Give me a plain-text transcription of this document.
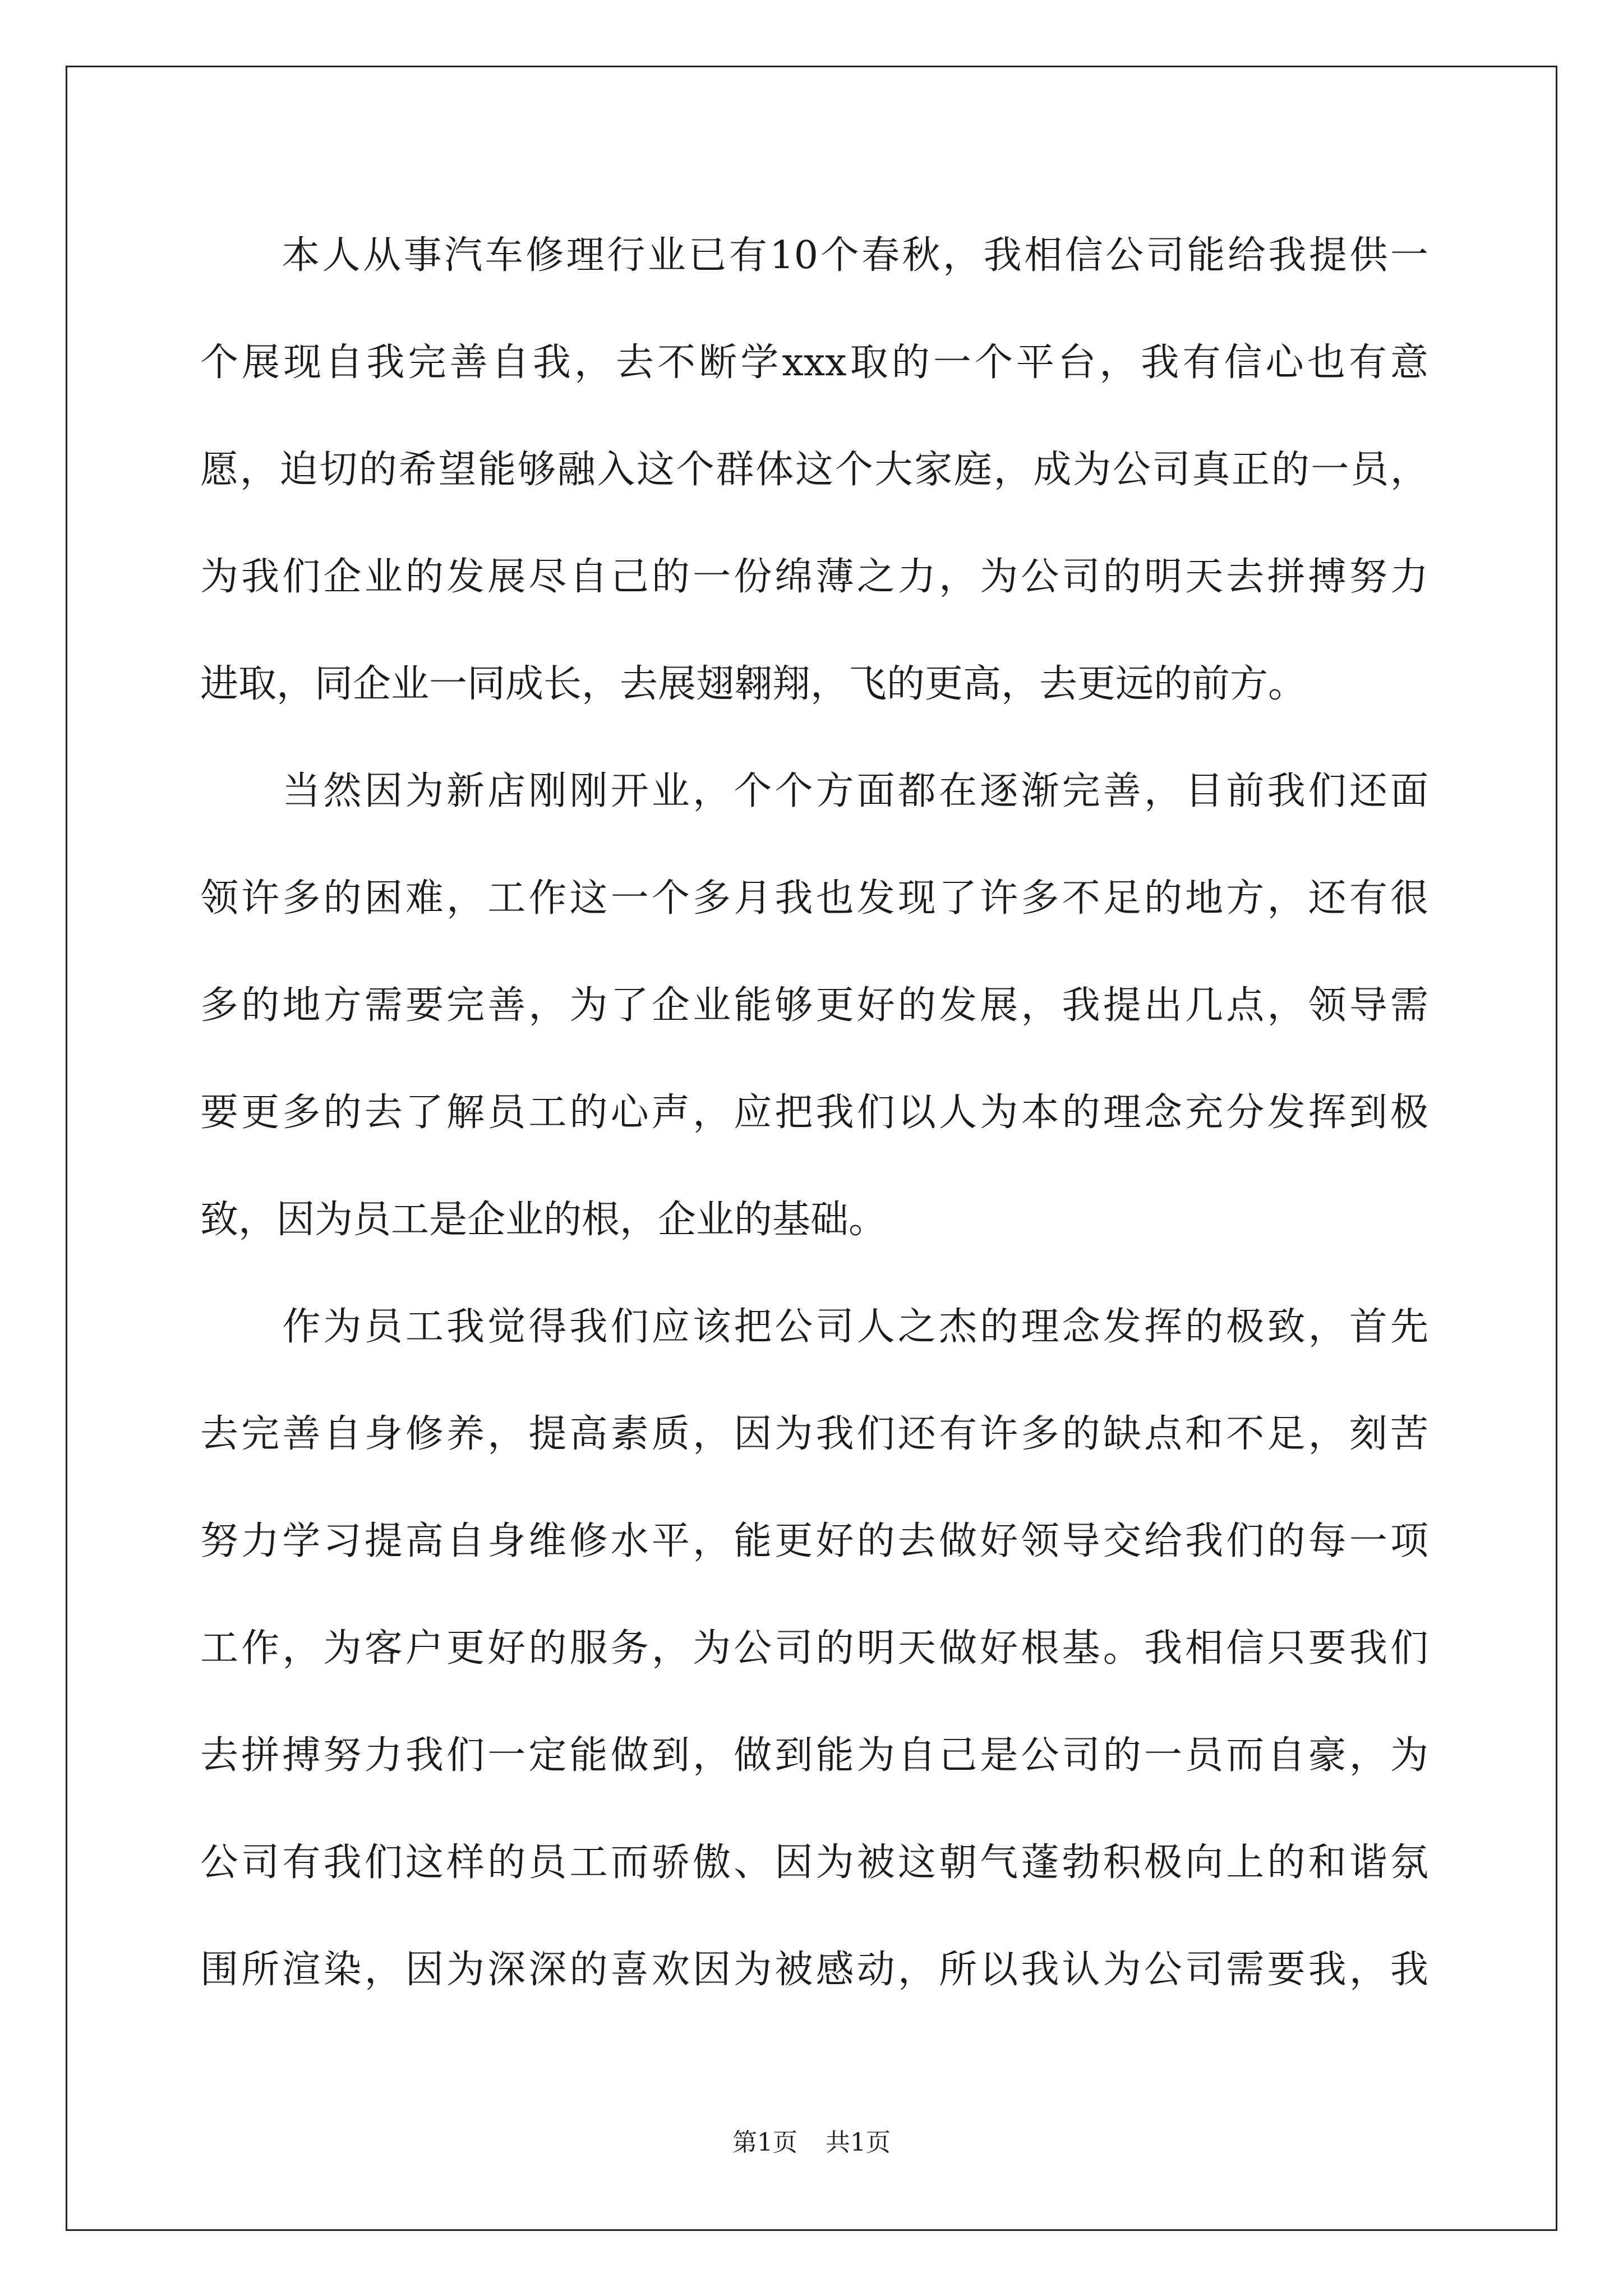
　　本人从事汽车修理行业已有10个春秋，我相信公司能给我提供一
个展现自我完善自我，去不断学xxx取的一个平台，我有信心也有意
愿，迫切的希望能够融入这个群体这个大家庭，成为公司真正的一员，
为我们企业的发展尽自己的一份绵薄之力，为公司的明天去拼搏努力
进取，同企业一同成长，去展翅翱翔，飞的更高，去更远的前方。
　　当然因为新店刚刚开业，个个方面都在逐渐完善，目前我们还面
领许多的困难，工作这一个多月我也发现了许多不足的地方，还有很
多的地方需要完善，为了企业能够更好的发展，我提出几点，领导需
要更多的去了解员工的心声，应把我们以人为本的理念充分发挥到极
致，因为员工是企业的根，企业的基础。
　　作为员工我觉得我们应该把公司人之杰的理念发挥的极致，首先
去完善自身修养，提高素质，因为我们还有许多的缺点和不足，刻苦
努力学习提高自身维修水平，能更好的去做好领导交给我们的每一项
工作，为客户更好的服务，为公司的明天做好根基。我相信只要我们
去拼搏努力我们一定能做到，做到能为自己是公司的一员而自豪，为
公司有我们这样的员工而骄傲、因为被这朝气蓬勃积极向上的和谐氛
围所渲染，因为深深的喜欢因为被感动，所以我认为公司需要我，我
第1页 共1页
